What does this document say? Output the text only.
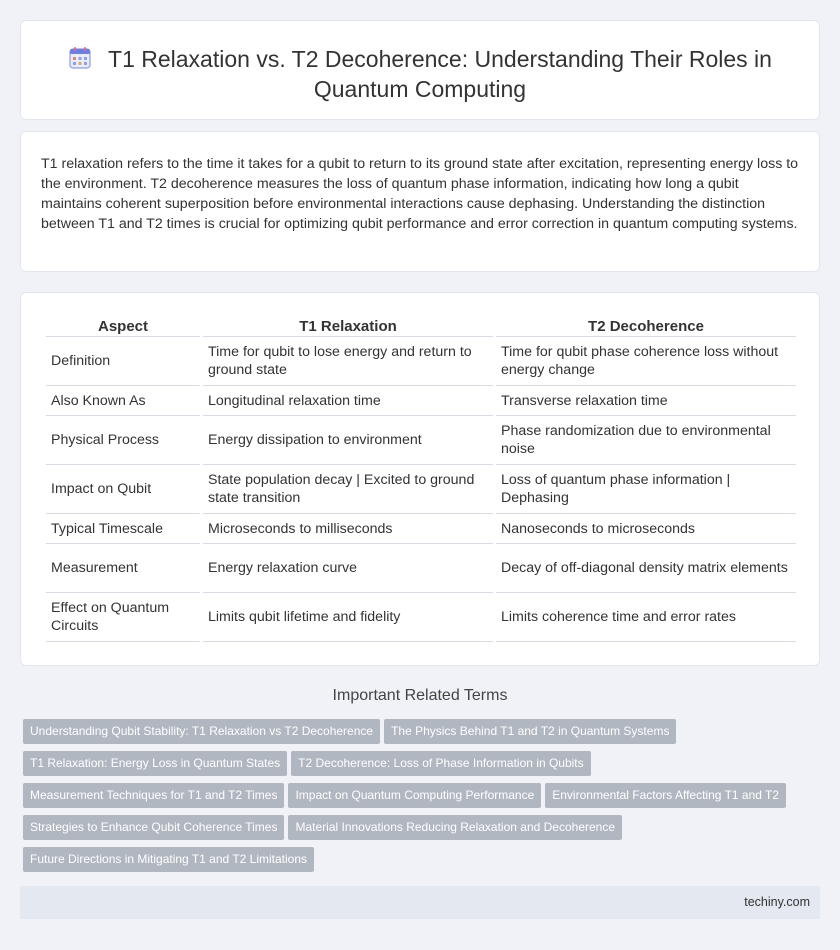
T1 Relaxation vs. T2 Decoherence: Understanding Their Roles in Quantum Computing

T1 relaxation refers to the time it takes for a qubit to return to its ground state after excitation, representing energy loss to the environment. T2 decoherence measures the loss of quantum phase information, indicating how long a qubit maintains coherent superposition before environmental interactions cause dephasing. Understanding the distinction between T1 and T2 times is crucial for optimizing qubit performance and error correction in quantum computing systems.

Aspect	T1 Relaxation	T2 Decoherence
Definition	Time for qubit to lose energy and return to ground state	Time for qubit phase coherence loss without energy change
Also Known As	Longitudinal relaxation time	Transverse relaxation time
Physical Process	Energy dissipation to environment	Phase randomization due to environmental noise
Impact on Qubit	State population decay | Excited to ground state transition	Loss of quantum phase information | Dephasing
Typical Timescale	Microseconds to milliseconds	Nanoseconds to microseconds
Measurement	Energy relaxation curve	Decay of off-diagonal density matrix elements
Effect on Quantum Circuits	Limits qubit lifetime and fidelity	Limits coherence time and error rates
Important Related Terms
Understanding Qubit Stability: T1 Relaxation vs T2 Decoherence The Physics Behind T1 and T2 in Quantum Systems
T1 Relaxation: Energy Loss in Quantum States T2 Decoherence: Loss of Phase Information in Qubits
Measurement Techniques for T1 and T2 Times Impact on Quantum Computing Performance Environmental Factors Affecting T1 and T2
Strategies to Enhance Qubit Coherence Times Material Innovations Reducing Relaxation and Decoherence
Future Directions in Mitigating T1 and T2 Limitations
techiny.com
